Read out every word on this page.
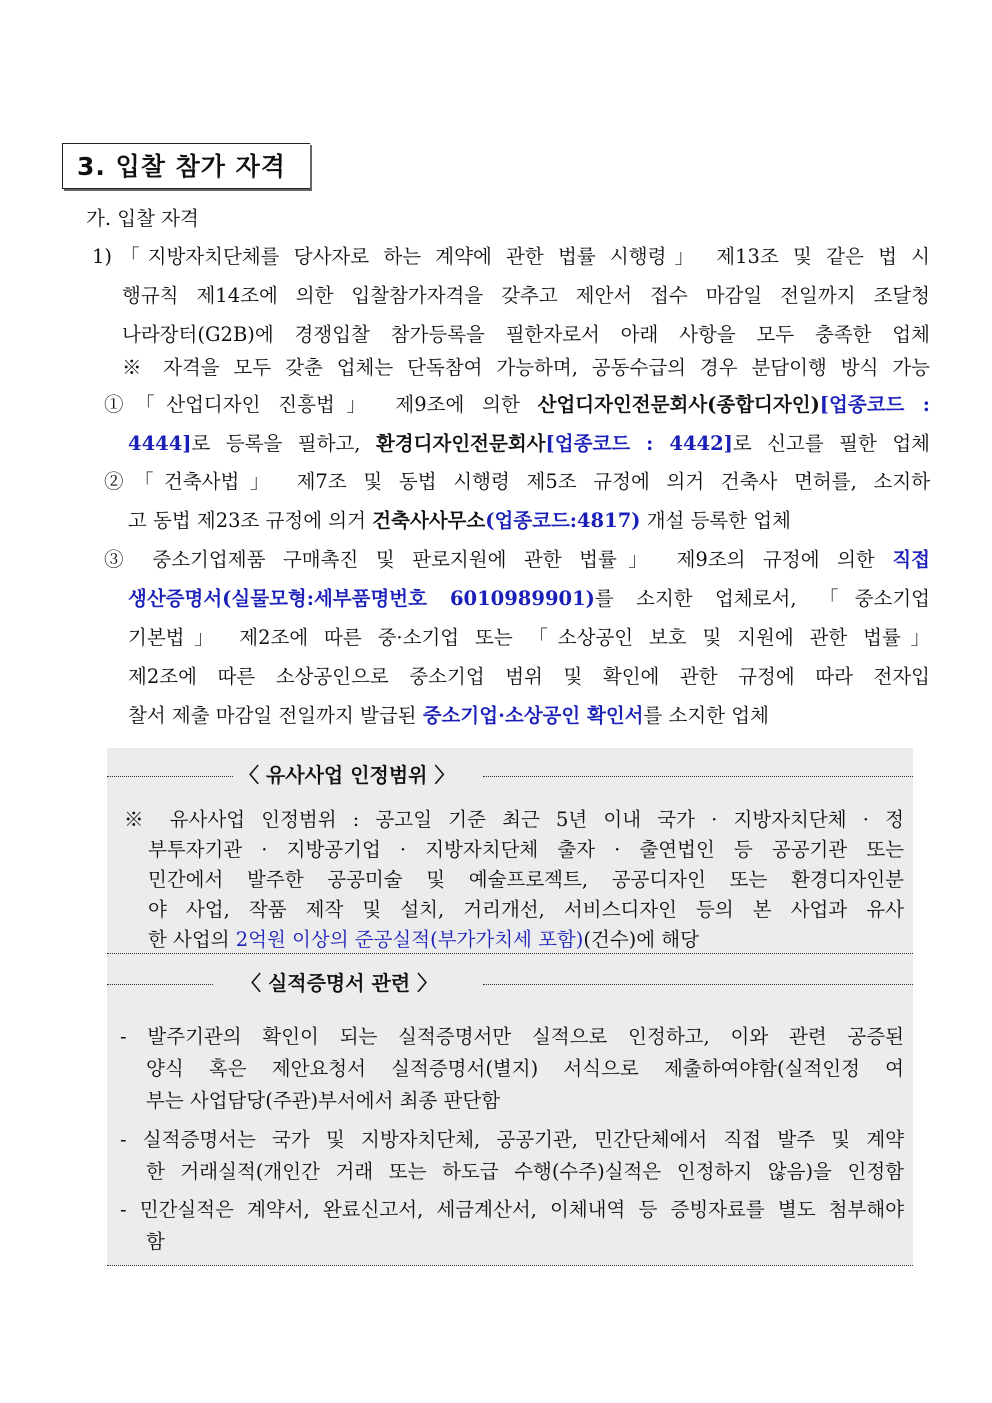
3. 입찰 참가 자격
가. 입찰 자격
1)「지방자치단체를 당사자로 하는 계약에 관한 법률 시행령」 제13조 및 같은 법 시
행규칙 제14조에 의한 입찰참가자격을 갖추고 제안서 접수 마감일 전일까지 조달청
나라장터(G2B)에 경쟁입찰 참가등록을 필한자로서 아래 사항을 모두 충족한 업체
※ 자격을 모두 갖춘 업체는 단독참여 가능하며, 공동수급의 경우 분담이행 방식 가능
①「산업디자인 진흥법」 제9조에 의한 산업디자인전문회사(종합디자인)[업종코드 :
4444]로 등록을 필하고, 환경디자인전문회사[업종코드 : 4442]로 신고를 필한 업체
②「건축사법」 제7조 및 동법 시행령 제5조 규정에 의거 건축사 면허를, 소지하
고 동법 제23조 규정에 의거 건축사사무소(업종코드:4817) 개설 등록한 업체
③ 중소기업제품 구매촉진 및 판로지원에 관한 법률」 제9조의 규정에 의한 직접
생산증명서(실물모형:세부품명번호 6010989901)를 소지한 업체로서, 「중소기업
기본법」 제2조에 따른 중·소기업 또는 「소상공인 보호 및 지원에 관한 법률」
제2조에 따른 소상공인으로 중소기업 범위 및 확인에 관한 규정에 따라 전자입
찰서 제출 마감일 전일까지 발급된 중소기업·소상공인 확인서를 소지한 업체
〈 유사사업 인정범위 〉
※ 유사사업 인정범위 : 공고일 기준 최근 5년 이내 국가 · 지방자치단체 · 정
부투자기관 · 지방공기업 · 지방자치단체 출자 · 출연법인 등 공공기관 또는
민간에서 발주한 공공미술 및 예술프로젝트, 공공디자인 또는 환경디자인분
야 사업, 작품 제작 및 설치, 거리개선, 서비스디자인 등의 본 사업과 유사
한 사업의 2억원 이상의 준공실적(부가가치세 포함)(건수)에 해당
〈 실적증명서 관련 〉
- 발주기관의 확인이 되는 실적증명서만 실적으로 인정하고, 이와 관련 공증된
양식 혹은 제안요청서 실적증명서(별지) 서식으로 제출하여야함(실적인정 여
부는 사업담당(주관)부서에서 최종 판단함
- 실적증명서는 국가 및 지방자치단체, 공공기관, 민간단체에서 직접 발주 및 계약
한 거래실적(개인간 거래 또는 하도급 수행(수주)실적은 인정하지 않음)을 인정함
- 민간실적은 계약서, 완료신고서, 세금계산서, 이체내역 등 증빙자료를 별도 첨부해야
함
